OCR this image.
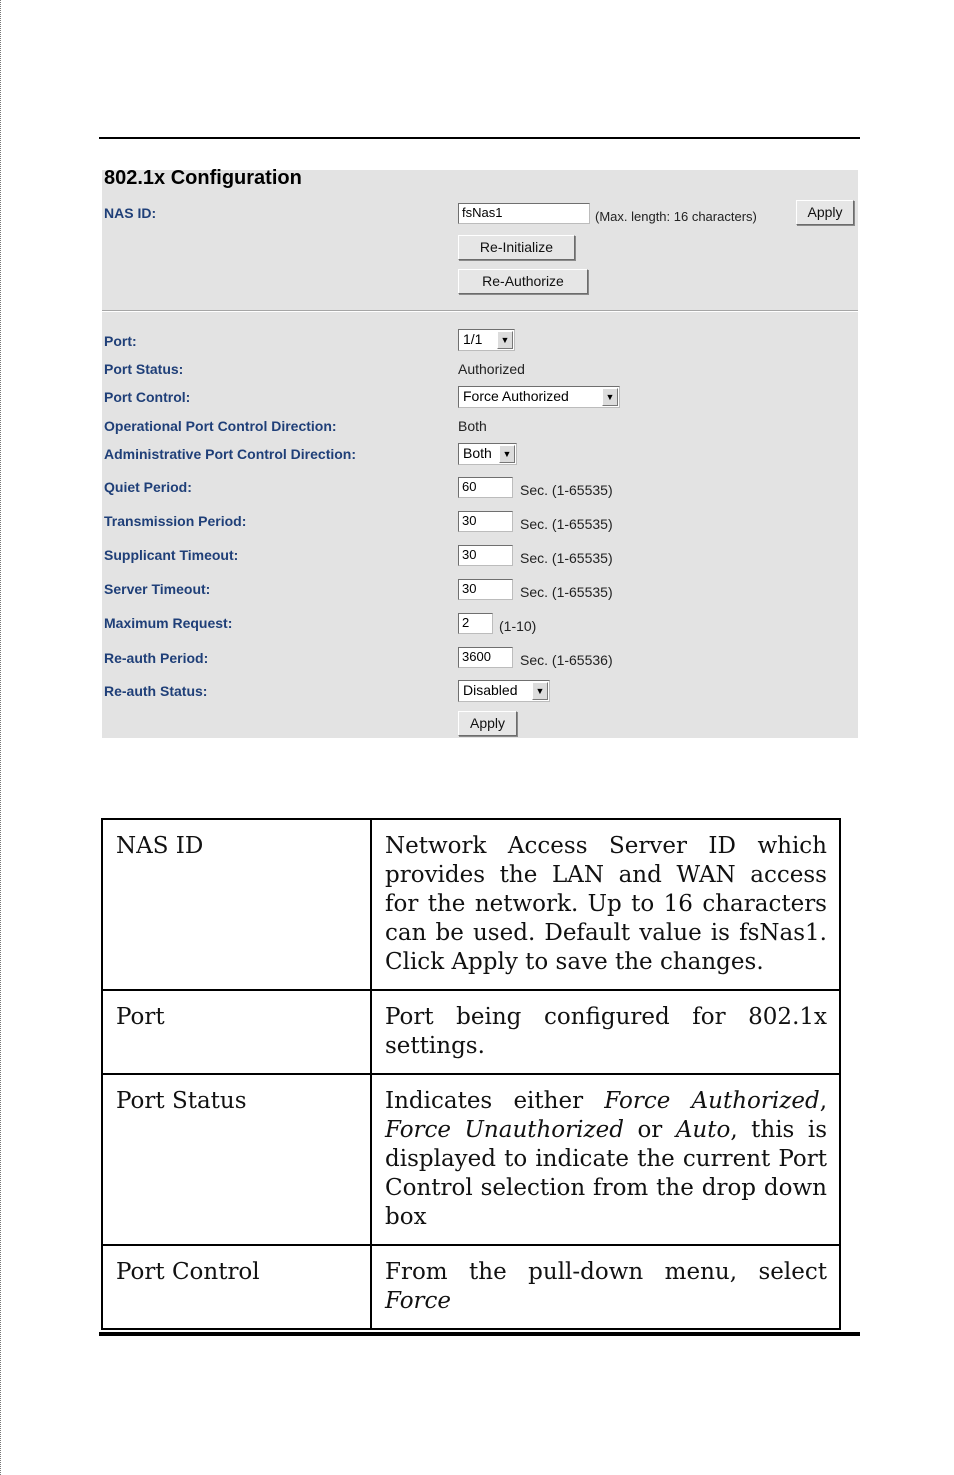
802.1x Configuration
NAS ID:	fsNas1	(Max. length: 16 characters)	Apply
Re-Initialize
Re-Authorize
Port:	1/1	▼
Port Status:	Authorized
Port Control:	Force Authorized	▼
Operational Port Control Direction:	Both
Administrative Port Control Direction:	Both	▼
Quiet Period:	60	Sec. (1-65535)
Transmission Period:	30	Sec. (1-65535)
Supplicant Timeout:	30	Sec. (1-65535)
Server Timeout:	30	Sec. (1-65535)
Maximum Request:	2	(1-10)
Re-auth Period:	3600	Sec. (1-65536)
Re-auth Status:	Disabled	▼
Apply
NAS ID	Network Access Server ID which provides the LAN and WAN access for the network. Up to 16 characters can be used. Default value is fsNas1. Click Apply to save the changes.
Port	Port being configured for 802.1x settings.
Port Status	Indicates either Force Authorized, Force Unauthorized or Auto, this is displayed to indicate the current Port Control selection from the drop down box
Port Control	From the pull-down menu, select Force
